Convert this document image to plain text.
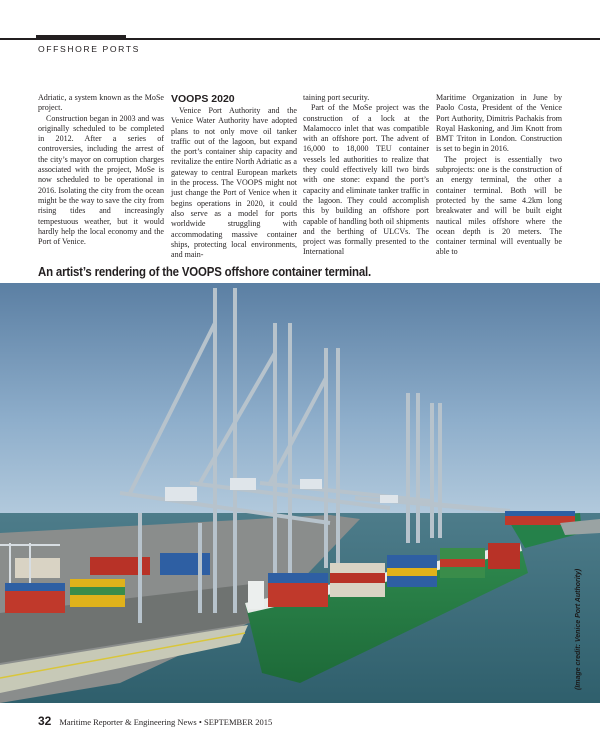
OFFSHORE PORTS

Adriatic, a system known as the MoSe project.

Construction began in 2003 and was originally scheduled to be completed in 2012. After a series of controversies, including the arrest of the city’s mayor on corruption charges associated with the project, MoSe is now scheduled to be operational in 2016. Isolating the city from the ocean might be the way to save the city from rising tides and increasingly tempestuous weather, but it would hardly help the local economy and the Port of Venice.

VOOPS 2020

Venice Port Authority and the Venice Water Authority have adopted plans to not only move oil tanker traffic out of the lagoon, but expand the port’s container ship capacity and revitalize the entire North Adriatic as a gateway to central European markets in the process. The VOOPS might not just change the Port of Venice when it begins operations in 2020, it could also serve as a model for ports worldwide struggling with accommodating massive container ships, protecting local environments, and main-

taining port security.

Part of the MoSe project was the construction of a lock at the Malamocco inlet that was compatible with an offshore port. The advent of 16,000 to 18,000 TEU container vessels led authorities to realize that they could effectively kill two birds with one stone: expand the port’s capacity and eliminate tanker traffic in the lagoon. They could accomplish this by building an offshore port capable of handling both oil shipments and the berthing of ULCVs. The project was formally presented to the International

Maritime Organization in June by Paolo Costa, President of the Venice Port Authority, Dimitris Pachakis from Royal Haskoning, and Jim Knott from BMT Triton in London. Construction is set to begin in 2016.

The project is essentially two subprojects: one is the construction of an energy terminal, the other a container terminal. Both will be protected by the same 4.2km long breakwater and will be built eight nautical miles offshore where the ocean depth is 20 meters. The container terminal will eventually be able to

An artist’s rendering of the VOOPS offshore container terminal.
(Image credit: Venice Port Authority)
32 Maritime Reporter & Engineering News • SEPTEMBER 2015
